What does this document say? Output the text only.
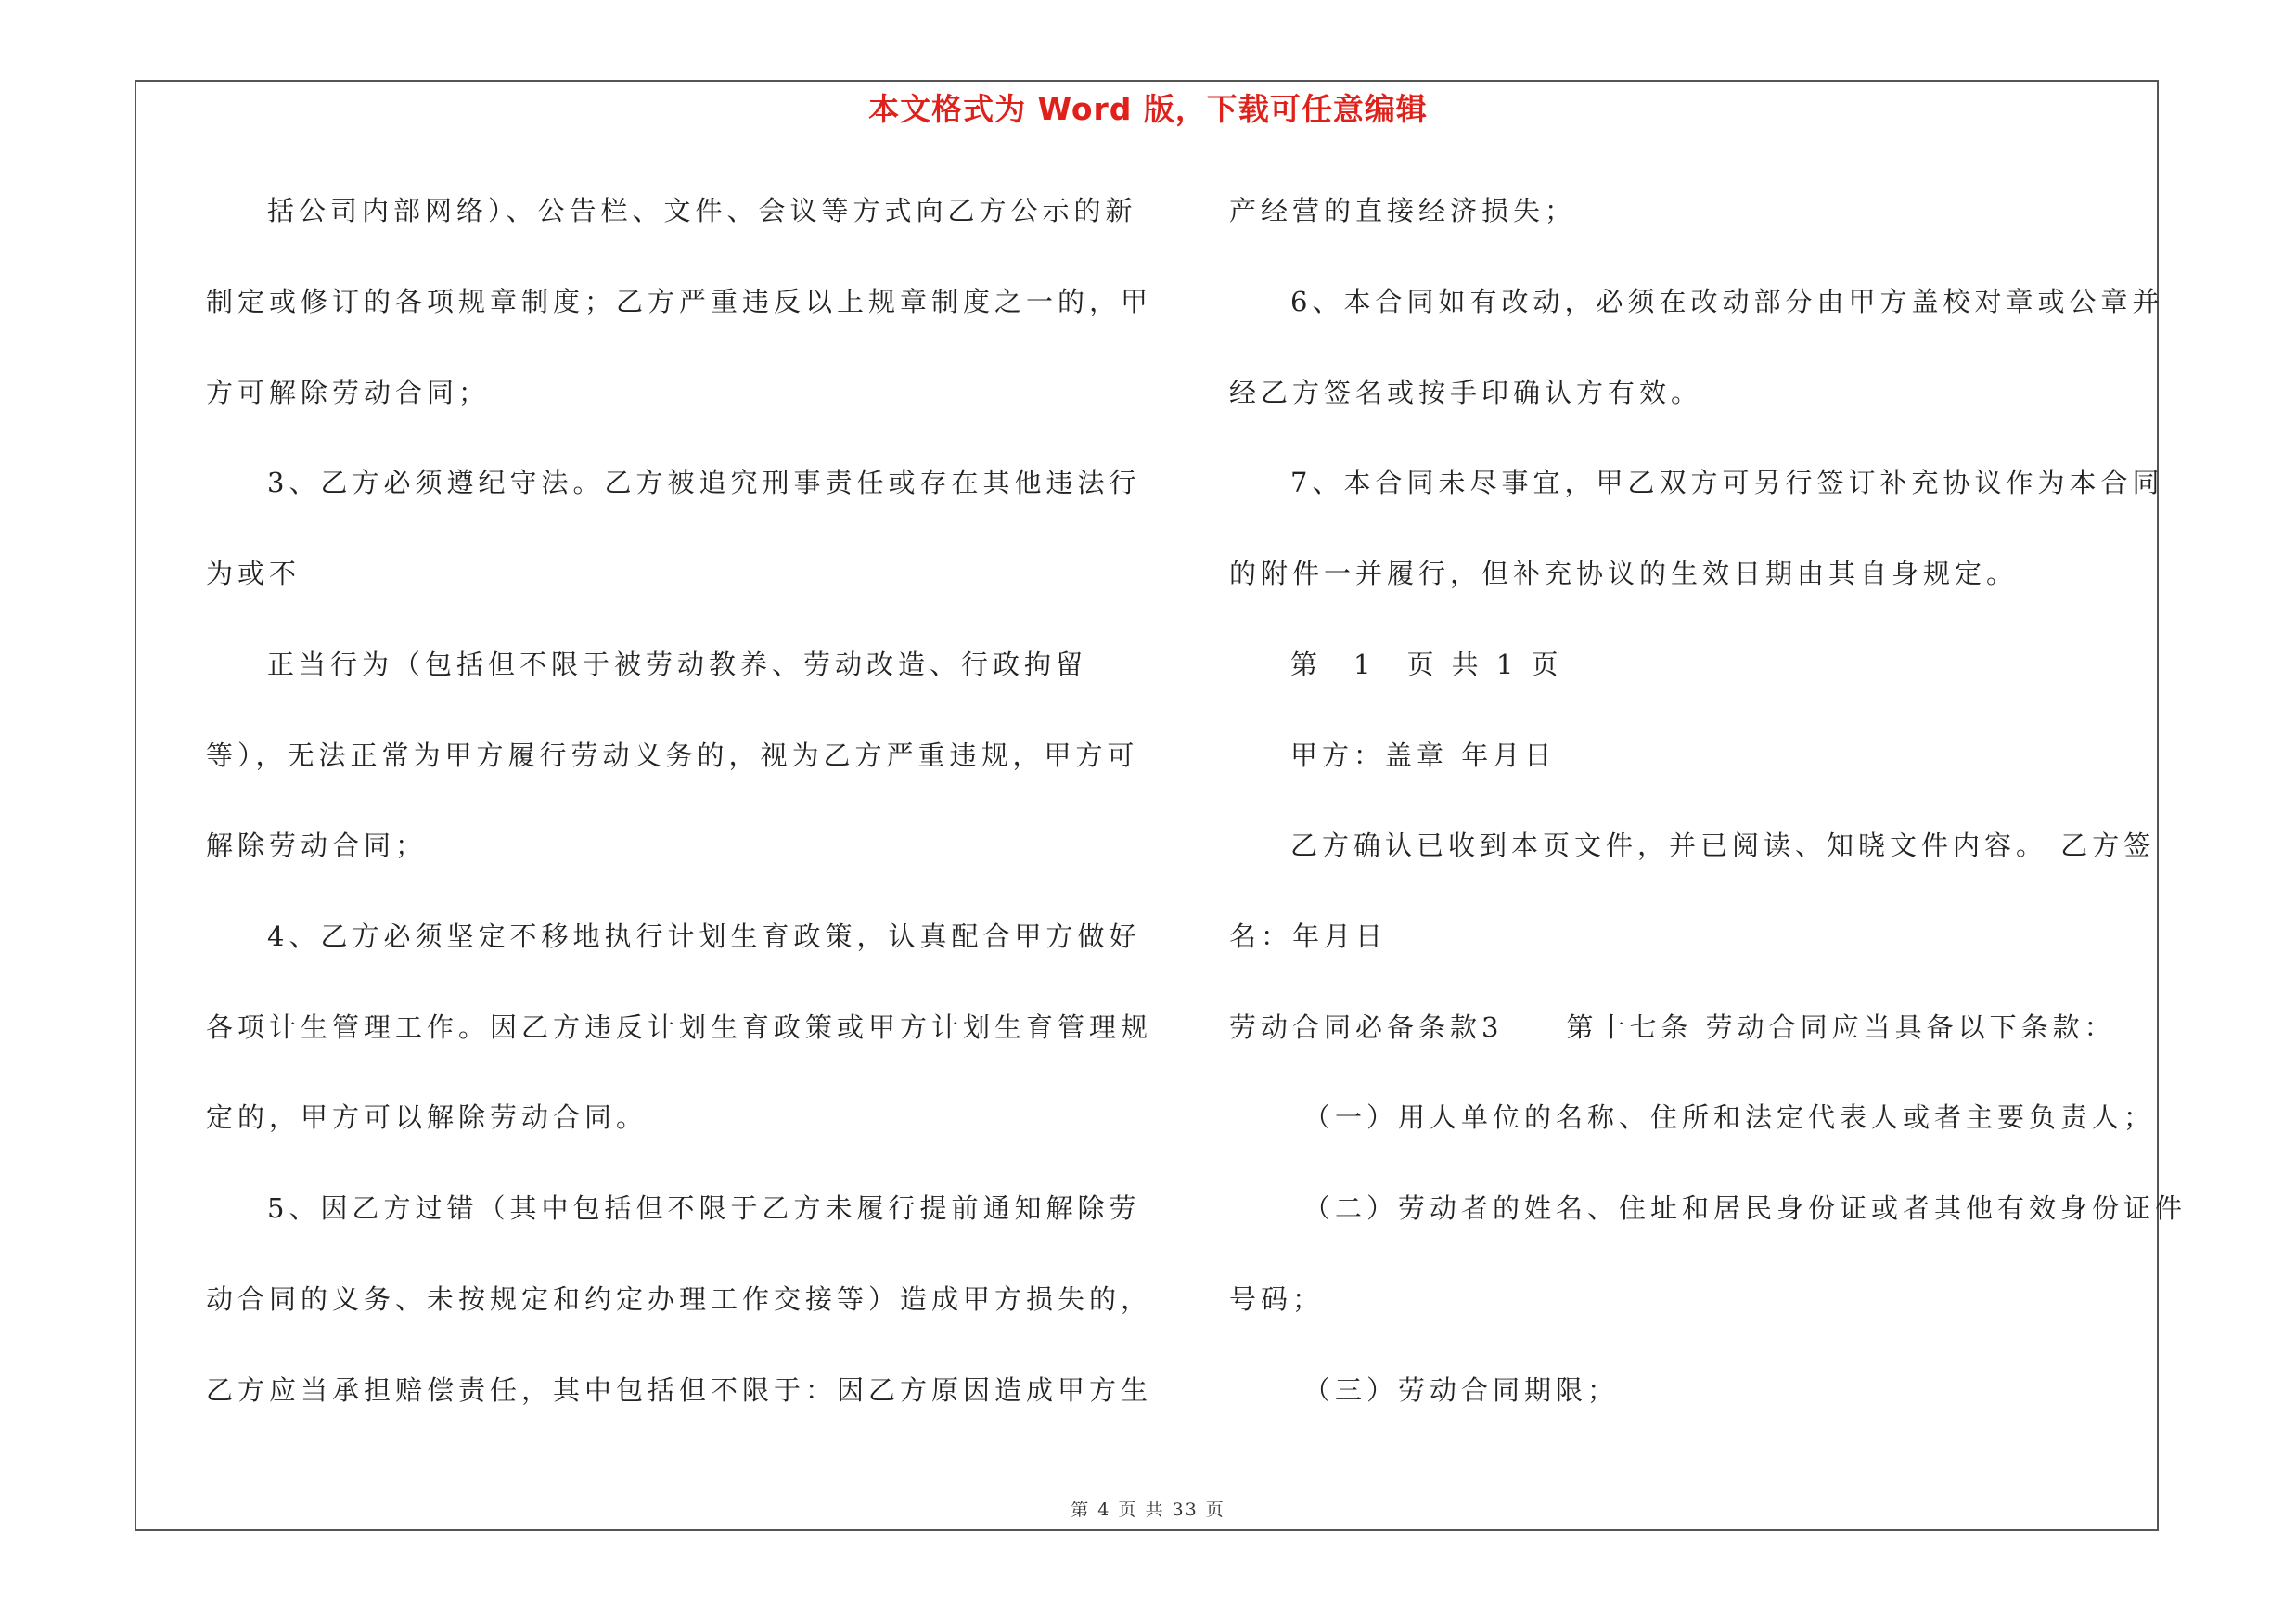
本文格式为 Word 版，下载可任意编辑
括公司内部网络）、公告栏、文件、会议等方式向乙方公示的新
制定或修订的各项规章制度；乙方严重违反以上规章制度之一的，甲
方可解除劳动合同；
3、乙方必须遵纪守法。乙方被追究刑事责任或存在其他违法行
为或不
正当行为（包括但不限于被劳动教养、劳动改造、行政拘留
等），无法正常为甲方履行劳动义务的，视为乙方严重违规，甲方可
解除劳动合同；
4、乙方必须坚定不移地执行计划生育政策，认真配合甲方做好
各项计生管理工作。因乙方违反计划生育政策或甲方计划生育管理规
定的，甲方可以解除劳动合同。
5、因乙方过错（其中包括但不限于乙方未履行提前通知解除劳
动合同的义务、未按规定和约定办理工作交接等）造成甲方损失的，
乙方应当承担赔偿责任，其中包括但不限于：因乙方原因造成甲方生
产经营的直接经济损失；
6、本合同如有改动，必须在改动部分由甲方盖校对章或公章并
经乙方签名或按手印确认方有效。
7、本合同未尽事宜，甲乙双方可另行签订补充协议作为本合同
的附件一并履行，但补充协议的生效日期由其自身规定。
第　1　页 共 1 页
甲方：盖章 年月日
乙方确认已收到本页文件，并已阅读、知晓文件内容。 乙方签
名：年月日
劳动合同必备条款3　　第十七条 劳动合同应当具备以下条款：
（一）用人单位的名称、住所和法定代表人或者主要负责人；
（二）劳动者的姓名、住址和居民身份证或者其他有效身份证件
号码；
（三）劳动合同期限；
第 4 页 共 33 页
